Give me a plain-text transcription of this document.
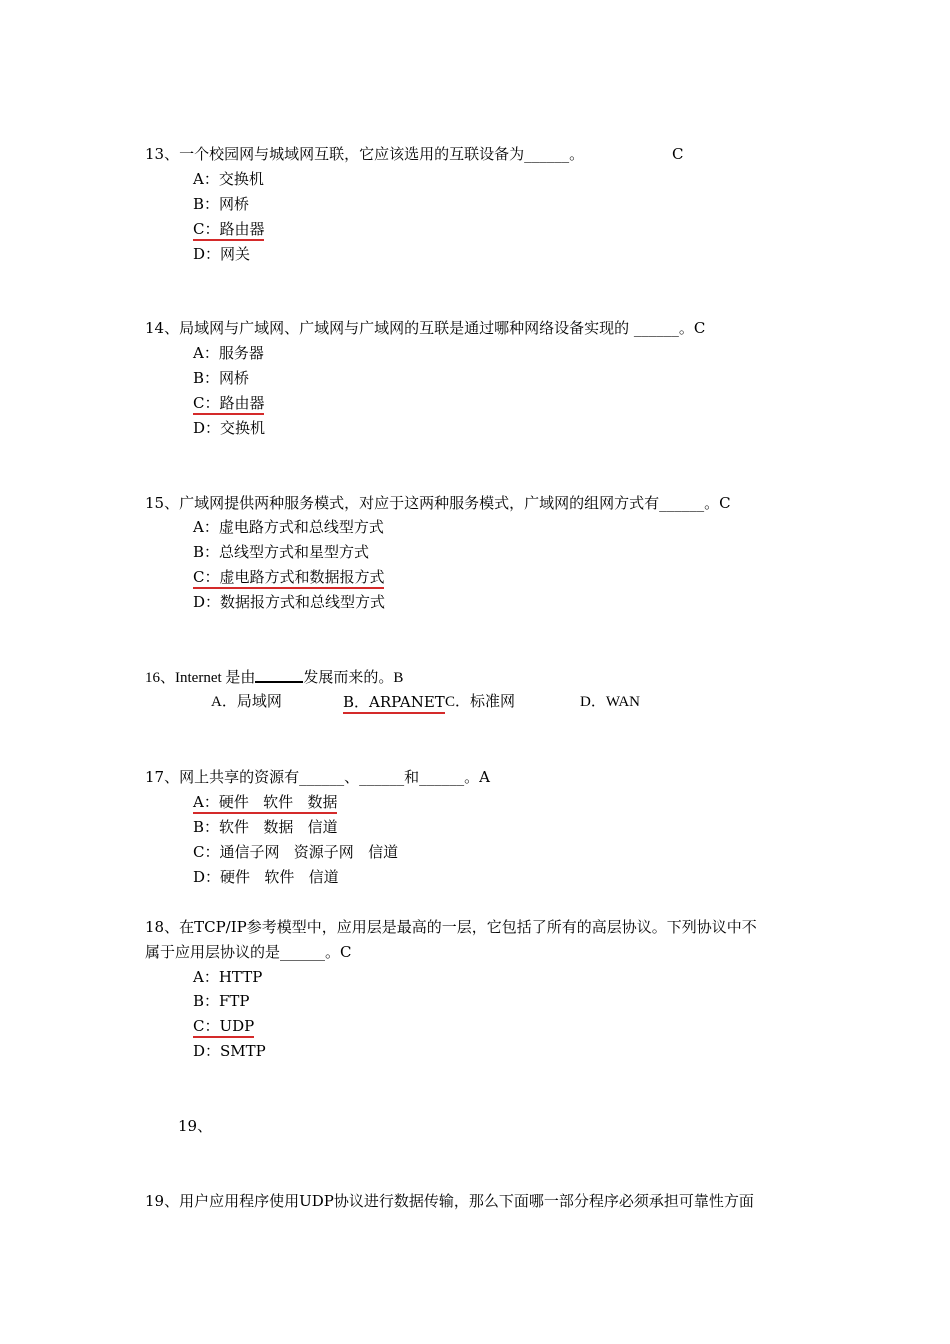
13、一个校园网与城域网互联，它应该选用的互联设备为______。	C
A：交换机
B：网桥
C：路由器
D：网关
14、局域网与广域网、广域网与广域网的互联是通过哪种网络设备实现的 ______。C
A：服务器
B：网桥
C：路由器
D：交换机
15、广域网提供两种服务模式，对应于这两种服务模式，广域网的组网方式有______。C
A：虚电路方式和总线型方式
B：总线型方式和星型方式
C：虚电路方式和数据报方式
D：数据报方式和总线型方式
16、Internet 是由	发展而来的。B
A．局域网	B．ARPANET C．标准网	D．WAN
17、网上共享的资源有______、______和______。A
A：硬件   软件   数据
B：软件   数据   信道
C：通信子网   资源子网   信道
D：硬件   软件   信道
18、在TCP/IP参考模型中，应用层是最高的一层，它包括了所有的高层协议。下列协议中不
属于应用层协议的是______。C
A：HTTP
B：FTP
C：UDP
D：SMTP
19、
19、用户应用程序使用UDP协议进行数据传输，那么下面哪一部分程序必须承担可靠性方面
